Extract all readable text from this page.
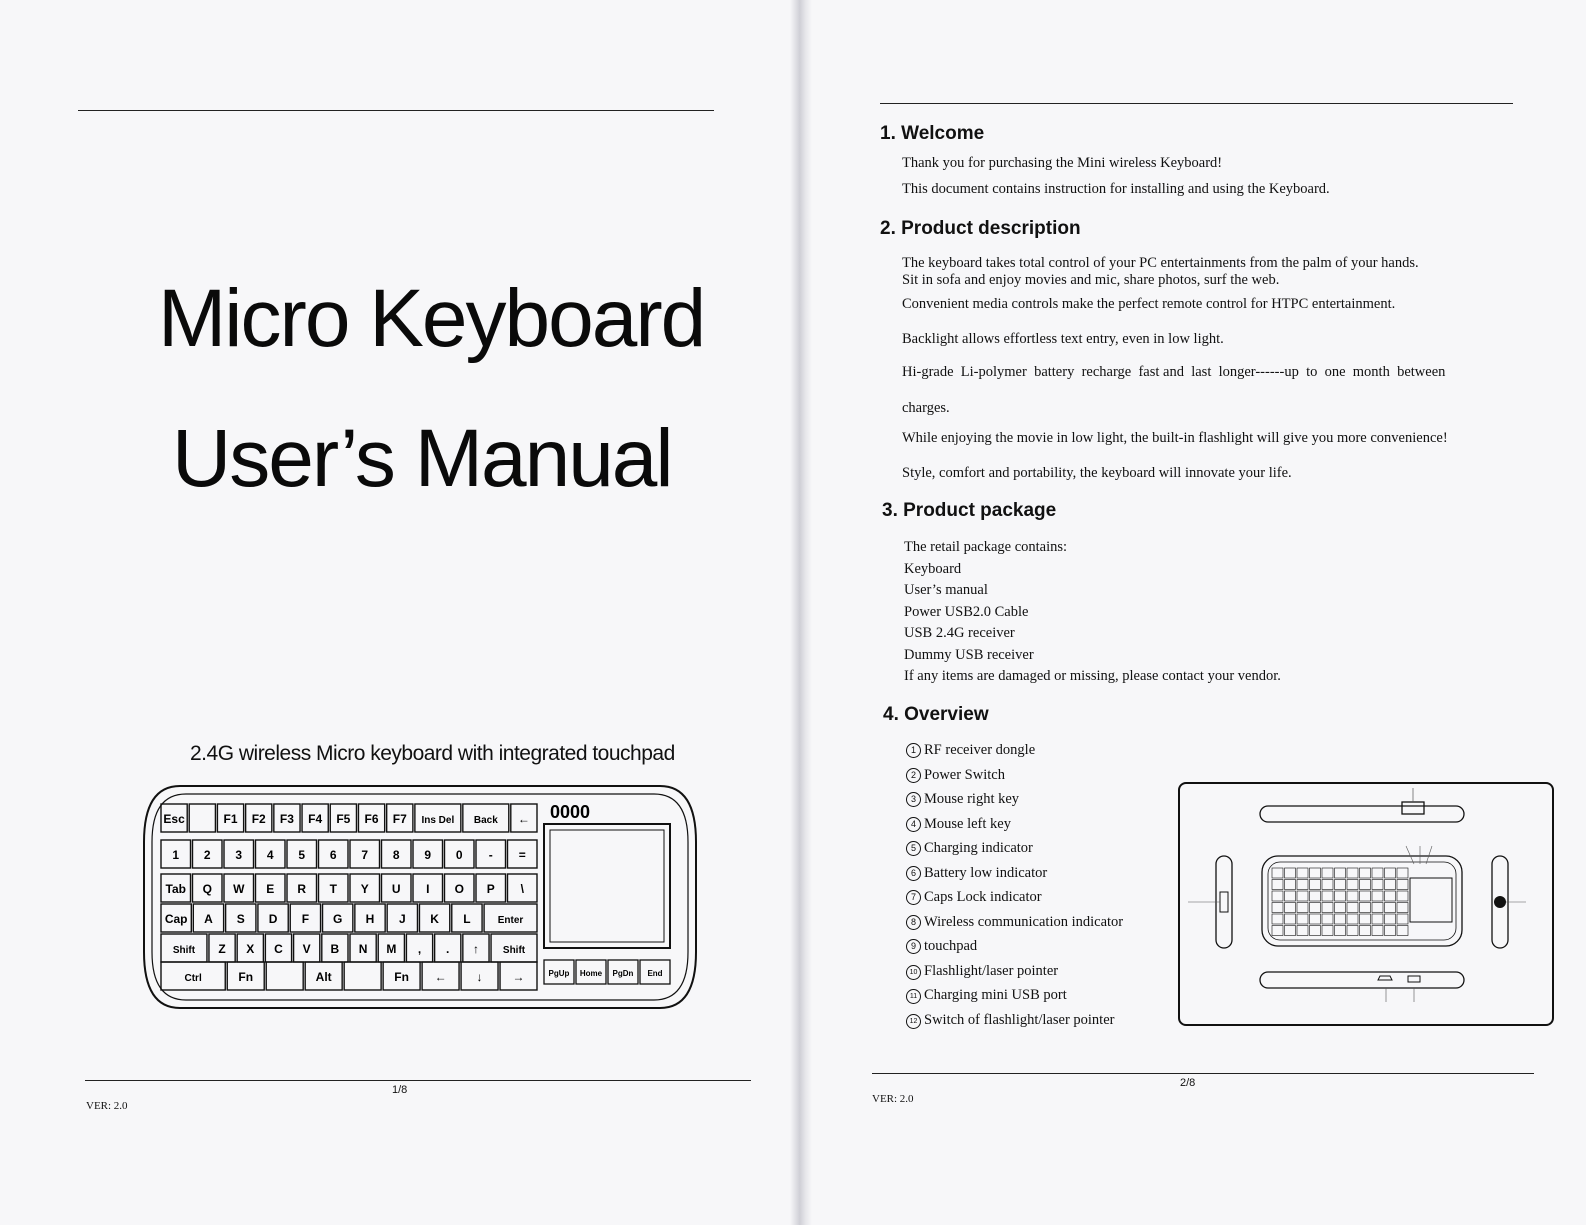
Micro Keyboard
User’s Manual
2.4G wireless Micro keyboard with integrated touchpad
Esc	F1 F2 F3 F4 F5 F6 F7 Ins Del Back ←
1 2 3 4 5 6 7 8 9 0 - =
Tab Q W E R T Y U I O P \
Cap A S D F G H J K L	Enter
Shift Z X C V B N M , . ↑ Shift
Ctrl	Fn	Alt	Fn ← ↓ →
0000
PgUp Home PgDn End
VER: 2.0
1/8
1. Welcome
Thank you for purchasing the Mini wireless Keyboard!
This document contains instruction for installing and using the Keyboard.
2. Product description
The keyboard takes total control of your PC entertainments from the palm of your hands.
Sit in sofa and enjoy movies and mic, share photos, surf the web.
Convenient media controls make the perfect remote control for HTPC entertainment.
Backlight allows effortless text entry, even in low light.
Hi-grade  Li-polymer  battery  recharge  fast and  last  longer------up  to  one  month  between
charges.
While enjoying the movie in low light, the built-in flashlight will give you more convenience!
Style, comfort and portability, the keyboard will innovate your life.
3. Product package
The retail package contains:
Keyboard
User’s manual
Power USB2.0 Cable
USB 2.4G receiver
Dummy USB receiver
If any items are damaged or missing, please contact your vendor.
4. Overview
1 RF receiver dongle
2 Power Switch
3 Mouse right key
4 Mouse left key
5 Charging indicator
6 Battery low indicator
7 Caps Lock indicator
8 Wireless communication indicator
9 touchpad
10 Flashlight/laser pointer
11 Charging mini USB port
12 Switch of flashlight/laser pointer
VER: 2.0
2/8
